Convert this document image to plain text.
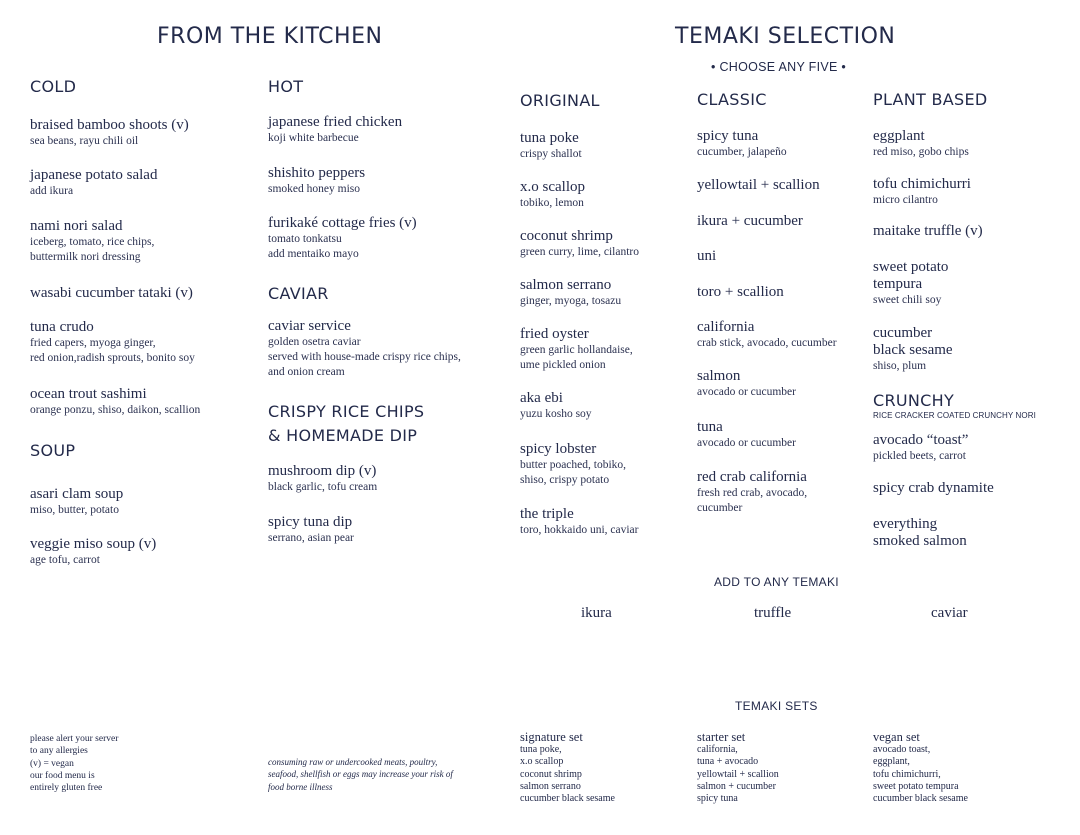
FROM THE KITCHEN
COLD
braised bamboo shoots (v)
sea beans, rayu chili oil
japanese potato salad
add ikura
nami nori salad
iceberg, tomato, rice chips,
buttermilk nori dressing
wasabi cucumber tataki (v)
tuna crudo
fried capers, myoga ginger,
red onion,radish sprouts, bonito soy
ocean trout sashimi
orange ponzu, shiso, daikon, scallion
SOUP
asari clam soup
miso, butter, potato
veggie miso soup (v)
age tofu, carrot
HOT
japanese fried chicken
koji white barbecue
shishito peppers
smoked honey miso
furikaké cottage fries (v)
tomato tonkatsu
add mentaiko mayo
CAVIAR
caviar service
golden osetra caviar
served with house-made crispy rice chips,
and onion cream
CRISPY RICE CHIPS
& HOMEMADE DIP
mushroom dip (v)
black garlic, tofu cream
spicy tuna dip
serrano, asian pear
please alert your server
to any allergies
(v) = vegan
our food menu is
entirely gluten free
consuming raw or undercooked meats, poultry,
seafood, shellfish or eggs may increase your risk of
food borne illness
TEMAKI SELECTION
• CHOOSE ANY FIVE •
ORIGINAL
tuna poke
crispy shallot
x.o scallop
tobiko, lemon
coconut shrimp
green curry, lime, cilantro
salmon serrano
ginger, myoga, tosazu
fried oyster
green garlic hollandaise,
ume pickled onion
aka ebi
yuzu kosho soy
spicy lobster
butter poached, tobiko,
shiso, crispy potato
the triple
toro, hokkaido uni, caviar
CLASSIC
spicy tuna
cucumber, jalapeño
yellowtail + scallion
ikura + cucumber
uni
toro + scallion
california
crab stick, avocado, cucumber
salmon
avocado or cucumber
tuna
avocado or cucumber
red crab california
fresh red crab, avocado,
cucumber
PLANT BASED
eggplant
red miso, gobo chips
tofu chimichurri
micro cilantro
maitake truffle (v)
sweet potato
tempura
sweet chili soy
cucumber
black sesame
shiso, plum
CRUNCHY
RICE CRACKER COATED CRUNCHY NORI
avocado “toast”
pickled beets, carrot
spicy crab dynamite
everything
smoked salmon
ADD TO ANY TEMAKI
ikura	truffle	caviar
TEMAKI SETS
signature set
tuna poke,
x.o scallop
coconut shrimp
salmon serrano
cucumber black sesame
starter set
california,
tuna + avocado
yellowtail + scallion
salmon + cucumber
spicy tuna
vegan set
avocado toast,
eggplant,
tofu chimichurri,
sweet potato tempura
cucumber black sesame
